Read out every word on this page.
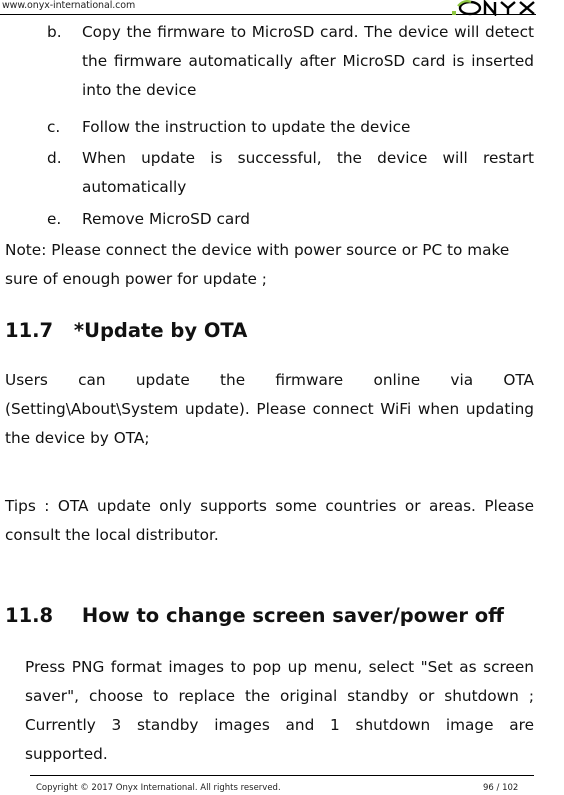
www.onyx-international.com
b. Copy the firmware to MicroSD card. The device will detect the firmware automatically after MicroSD card is inserted into the device
c. Follow the instruction to update the device
d. When update is successful, the device will restart automatically
e. Remove MicroSD card
Note: Please connect the device with power source or PC to make sure of enough power for update ;
11.7 *Update by OTA
Users can update the firmware online via OTA (Setting\About\System update). Please connect WiFi when updating the device by OTA;
Tips : OTA update only supports some countries or areas. Please consult the local distributor.
11.8 How to change screen saver/power off
Press PNG format images to pop up menu, select "Set as screen saver", choose to replace the original standby or shutdown ; Currently 3 standby images and 1 shutdown image are supported.
Copyright © 2017 Onyx International. All rights reserved.	96 / 102
